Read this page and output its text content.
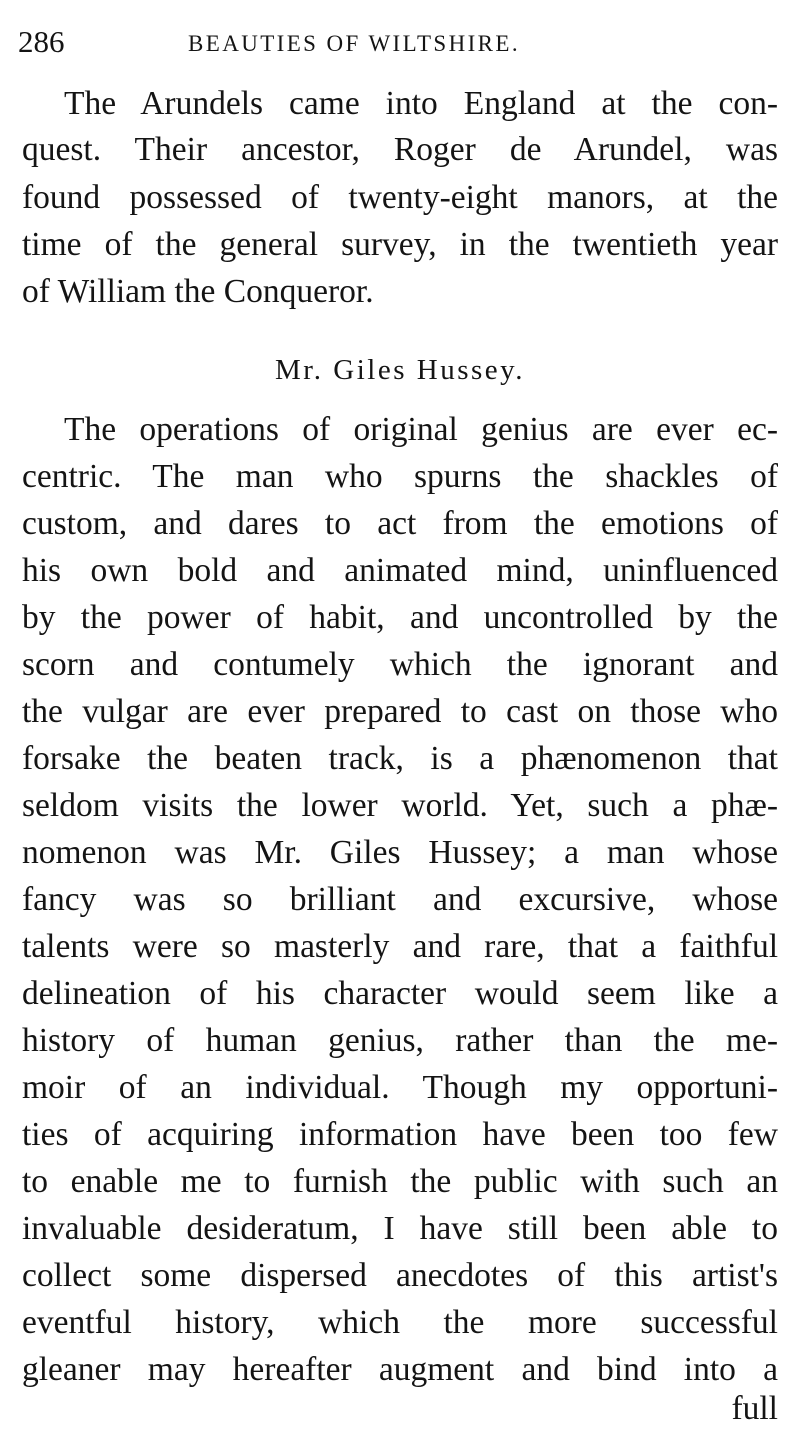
286	BEAUTIES OF WILTSHIRE.
The Arundels came into England at the con-
quest. Their ancestor, Roger de Arundel, was
found possessed of twenty-eight manors, at the
time of the general survey, in the twentieth year
of William the Conqueror.
Mr. Giles Hussey.
The operations of original genius are ever ec-
centric. The man who spurns the shackles of
custom, and dares to act from the emotions of
his own bold and animated mind, uninfluenced
by the power of habit, and uncontrolled by the
scorn and contumely which the ignorant and
the vulgar are ever prepared to cast on those who
forsake the beaten track, is a phænomenon that
seldom visits the lower world. Yet, such a phæ-
nomenon was Mr. Giles Hussey; a man whose
fancy was so brilliant and excursive, whose
talents were so masterly and rare, that a faithful
delineation of his character would seem like a
history of human genius, rather than the me-
moir of an individual. Though my opportuni-
ties of acquiring information have been too few
to enable me to furnish the public with such an
invaluable desideratum, I have still been able to
collect some dispersed anecdotes of this artist's
eventful history, which the more successful
gleaner may hereafter augment and bind into a
full
